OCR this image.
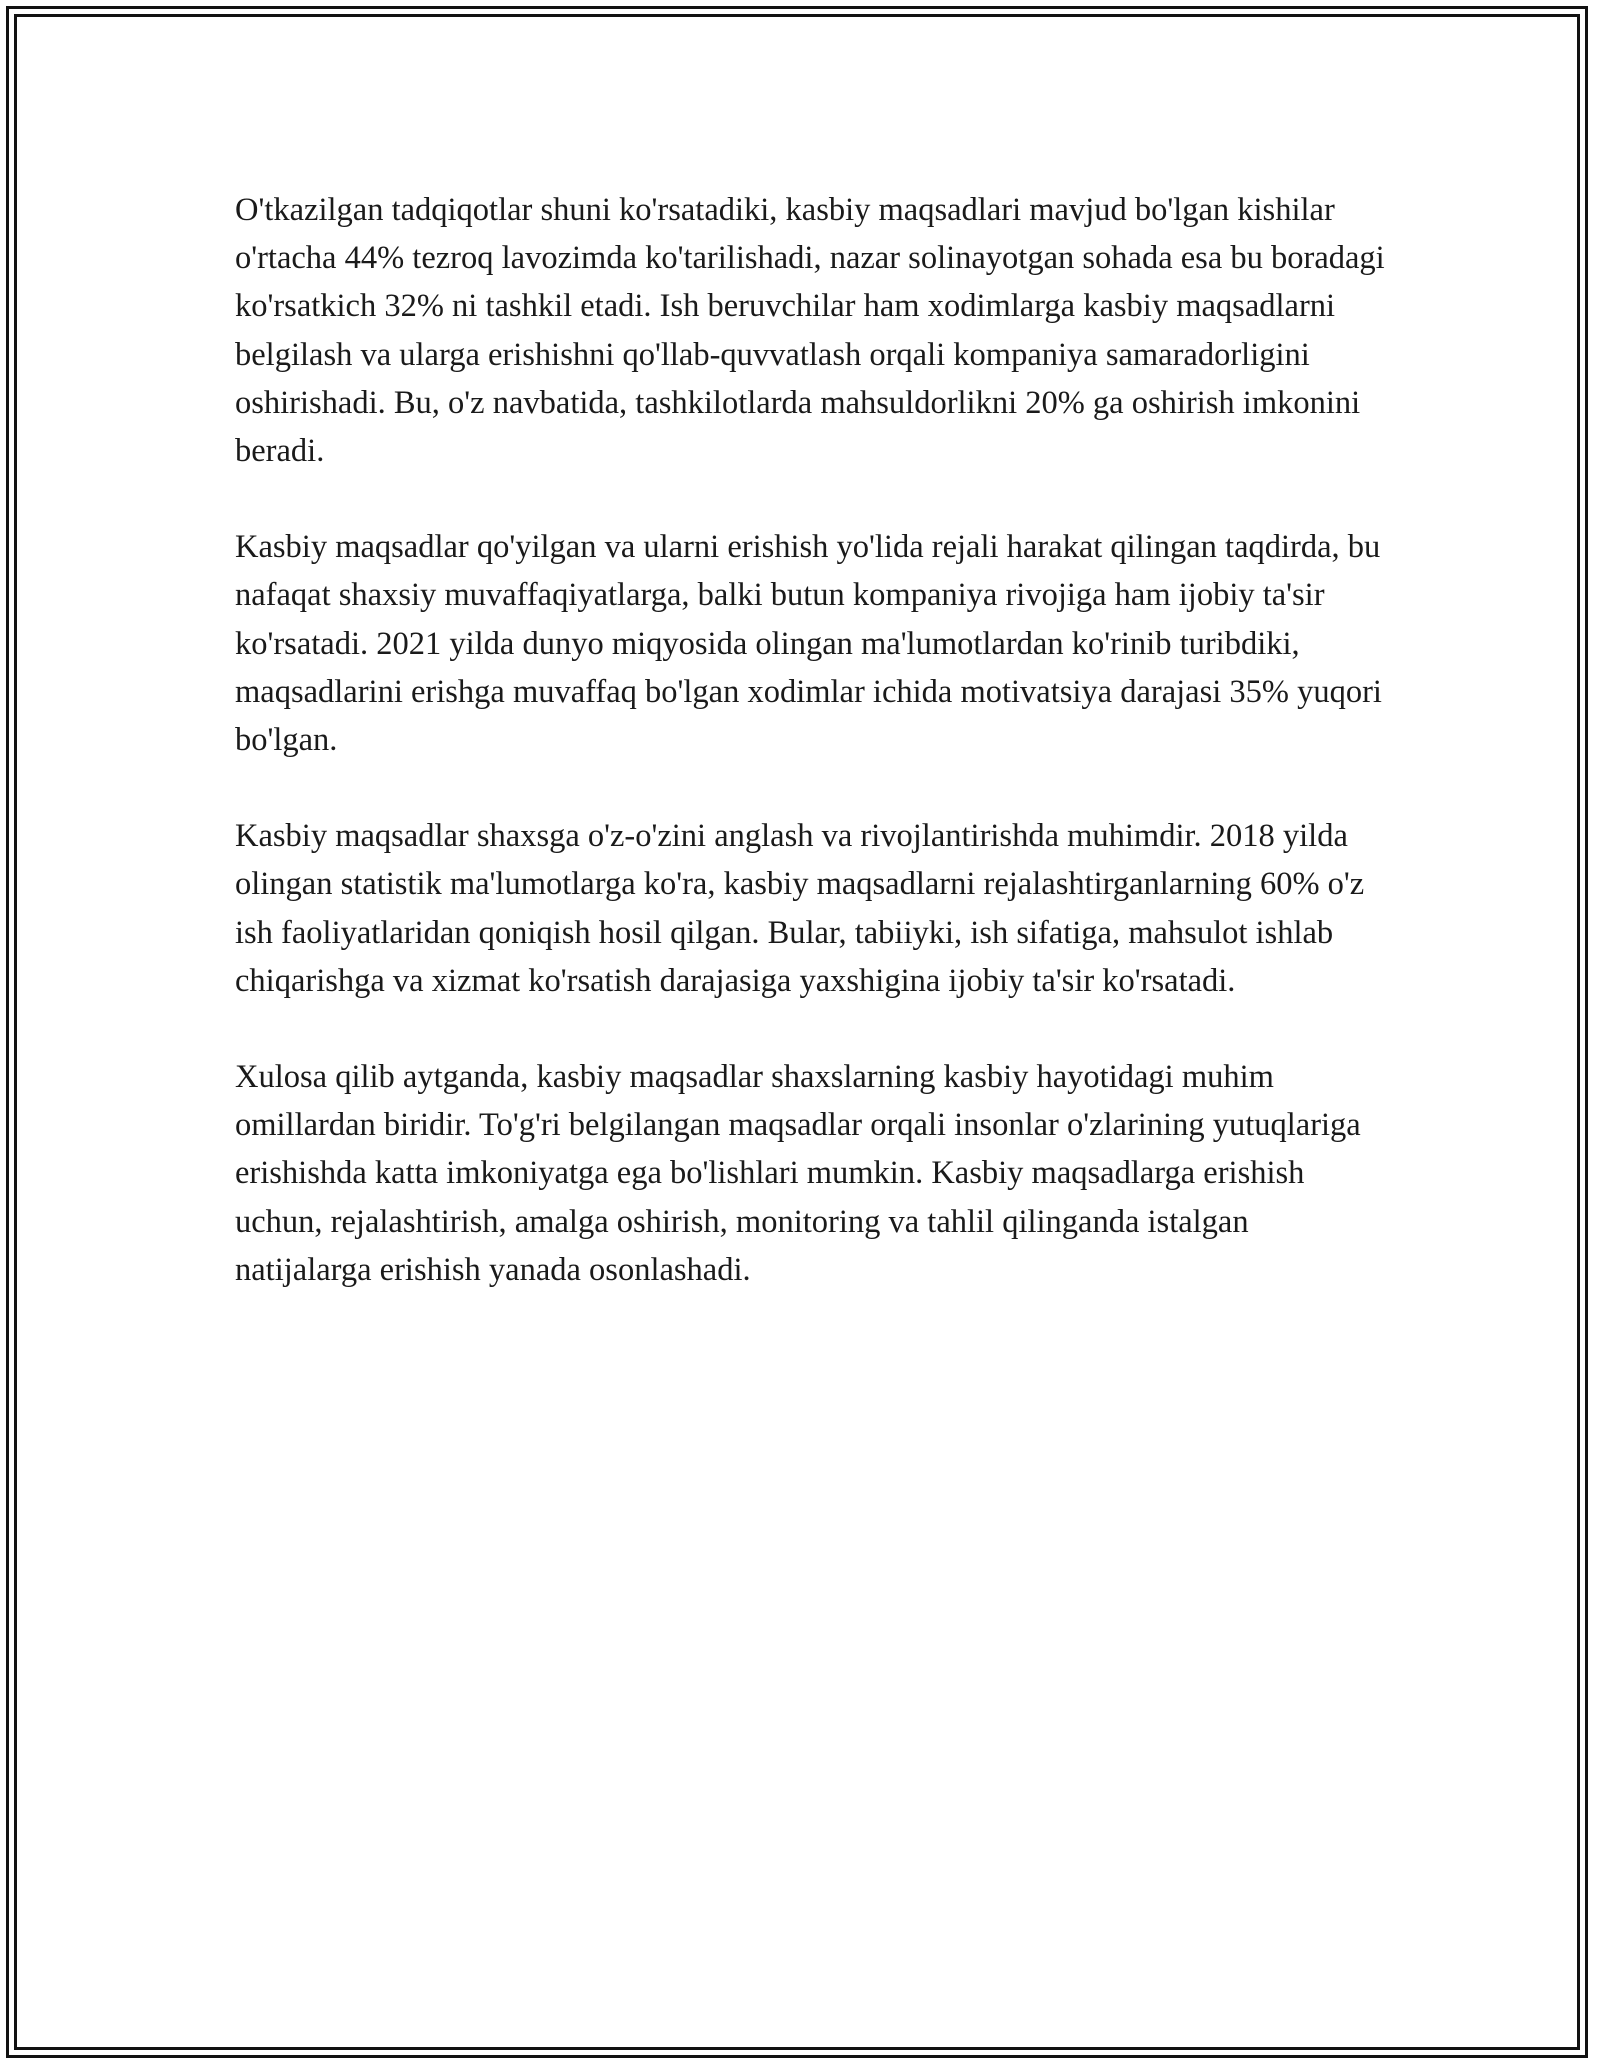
O'tkazilgan tadqiqotlar shuni ko'rsatadiki, kasbiy maqsadlari mavjud bo'lgan kishilar o'rtacha 44% tezroq lavozimda ko'tarilishadi, nazar solinayotgan sohada esa bu boradagi ko'rsatkich 32% ni tashkil etadi. Ish beruvchilar ham xodimlarga kasbiy maqsadlarni belgilash va ularga erishishni qo'llab-quvvatlash orqali kompaniya samaradorligini oshirishadi. Bu, o'z navbatida, tashkilotlarda mahsuldorlikni 20% ga oshirish imkonini beradi.

Kasbiy maqsadlar qo'yilgan va ularni erishish yo'lida rejali harakat qilingan taqdirda, bu nafaqat shaxsiy muvaffaqiyatlarga, balki butun kompaniya rivojiga ham ijobiy ta'sir ko'rsatadi. 2021 yilda dunyo miqyosida olingan ma'lumotlardan ko'rinib turibdiki, maqsadlarini erishga muvaffaq bo'lgan xodimlar ichida motivatsiya darajasi 35% yuqori bo'lgan.

Kasbiy maqsadlar shaxsga o'z-o'zini anglash va rivojlantirishda muhimdir. 2018 yilda olingan statistik ma'lumotlarga ko'ra, kasbiy maqsadlarni rejalashtirganlarning 60% o'z ish faoliyatlaridan qoniqish hosil qilgan. Bular, tabiiyki, ish sifatiga, mahsulot ishlab chiqarishga va xizmat ko'rsatish darajasiga yaxshigina ijobiy ta'sir ko'rsatadi.

Xulosa qilib aytganda, kasbiy maqsadlar shaxslarning kasbiy hayotidagi muhim omillardan biridir. To'g'ri belgilangan maqsadlar orqali insonlar o'zlarining yutuqlariga erishishda katta imkoniyatga ega bo'lishlari mumkin. Kasbiy maqsadlarga erishish uchun, rejalashtirish, amalga oshirish, monitoring va tahlil qilinganda istalgan natijalarga erishish yanada osonlashadi.
